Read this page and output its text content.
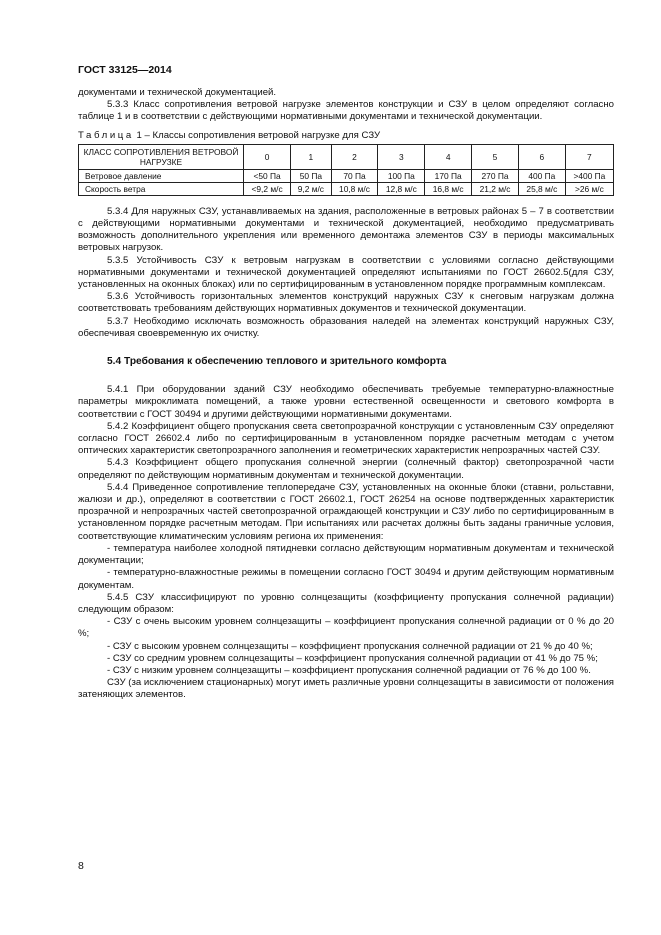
ГОСТ 33125—2014

документами и технической документацией.

5.3.3 Класс сопротивления ветровой нагрузке элементов конструкции и СЗУ в целом определяют согласно таблице 1 и в соответствии с действующими нормативными документами и технической документации.

Таблица 1 – Классы сопротивления ветровой нагрузке для СЗУ
КЛАСС СОПРОТИВЛЕНИЯ ВЕТРОВОЙ НАГРУЗКЕ	0	1	2	3	4	5	6	7
Ветровое давление	<50 Па	50 Па	70 Па	100 Па	170 Па	270 Па	400 Па	>400 Па
Скорость ветра	<9,2 м/с	9,2 м/с	10,8 м/с	12,8 м/с	16,8 м/с	21,2 м/с	25,8 м/с	>26 м/с

5.3.4 Для наружных СЗУ, устанавливаемых на здания, расположенные в ветровых районах 5 – 7 в соответствии с действующими нормативными документами и технической документацией, необходимо предусматривать возможность дополнительного укрепления или временного демонтажа элементов СЗУ в периоды максимальных ветровых нагрузок.

5.3.5 Устойчивость СЗУ к ветровым нагрузкам в соответствии с условиями согласно действующими нормативными документами и технической документацией определяют испытаниями по ГОСТ 26602.5(для СЗУ, установленных на оконных блоках) или по сертифицированным в установленном порядке программным комплексам.

5.3.6 Устойчивость горизонтальных элементов конструкций наружных СЗУ к снеговым нагрузкам должна соответствовать требованиям действующих нормативных документов и технической документации.

5.3.7 Необходимо исключать возможность образования наледей на элементах конструкций наружных СЗУ, обеспечивая своевременную их очистку.

5.4 Требования к обеспечению теплового и зрительного комфорта

5.4.1 При оборудовании зданий СЗУ необходимо обеспечивать требуемые температурно-влажностные параметры микроклимата помещений, а также уровни естественной освещенности и светового комфорта в соответствии с ГОСТ 30494 и другими действующими нормативными документами.

5.4.2 Коэффициент общего пропускания света светопрозрачной конструкции с установленным СЗУ определяют согласно ГОСТ 26602.4 либо по сертифицированным в установленном порядке расчетным методам с учетом оптических характеристик светопрозрачного заполнения и геометрических характеристик непрозрачных частей СЗУ.

5.4.3 Коэффициент общего пропускания солнечной энергии (солнечный фактор) светопрозрачной части определяют по действующим нормативным документам и технической документации.

5.4.4 Приведенное сопротивление теплопередаче СЗУ, установленных на оконные блоки (ставни, рольставни, жалюзи и др.), определяют в соответствии с ГОСТ 26602.1, ГОСТ 26254 на основе подтвержденных характеристик прозрачной и непрозрачных частей светопрозрачной ограждающей конструкции и СЗУ либо по сертифицированным в установленном порядке расчетным методам. При испытаниях или расчетах должны быть заданы граничные условия, соответствующие климатическим условиям региона их применения:

- температура наиболее холодной пятидневки согласно действующим нормативным документам и технической документации;

- температурно-влажностные режимы в помещении согласно ГОСТ 30494 и другим действующим нормативным документам.

5.4.5 СЗУ классифицируют по уровню солнцезащиты (коэффициенту пропускания солнечной радиации) следующим образом:

- СЗУ с очень высоким уровнем солнцезащиты – коэффициент пропускания солнечной радиации от 0 % до 20 %;

- СЗУ с высоким уровнем солнцезащиты – коэффициент пропускания солнечной радиации от 21 % до 40 %;

- СЗУ со средним уровнем солнцезащиты – коэффициент пропускания солнечной радиации от 41 % до 75 %;

- СЗУ с низким уровнем солнцезащиты – коэффициент пропускания солнечной радиации от 76 % до 100 %.

СЗУ (за исключением стационарных) могут иметь различные уровни солнцезащиты в зависимости от положения затеняющих элементов.

8
